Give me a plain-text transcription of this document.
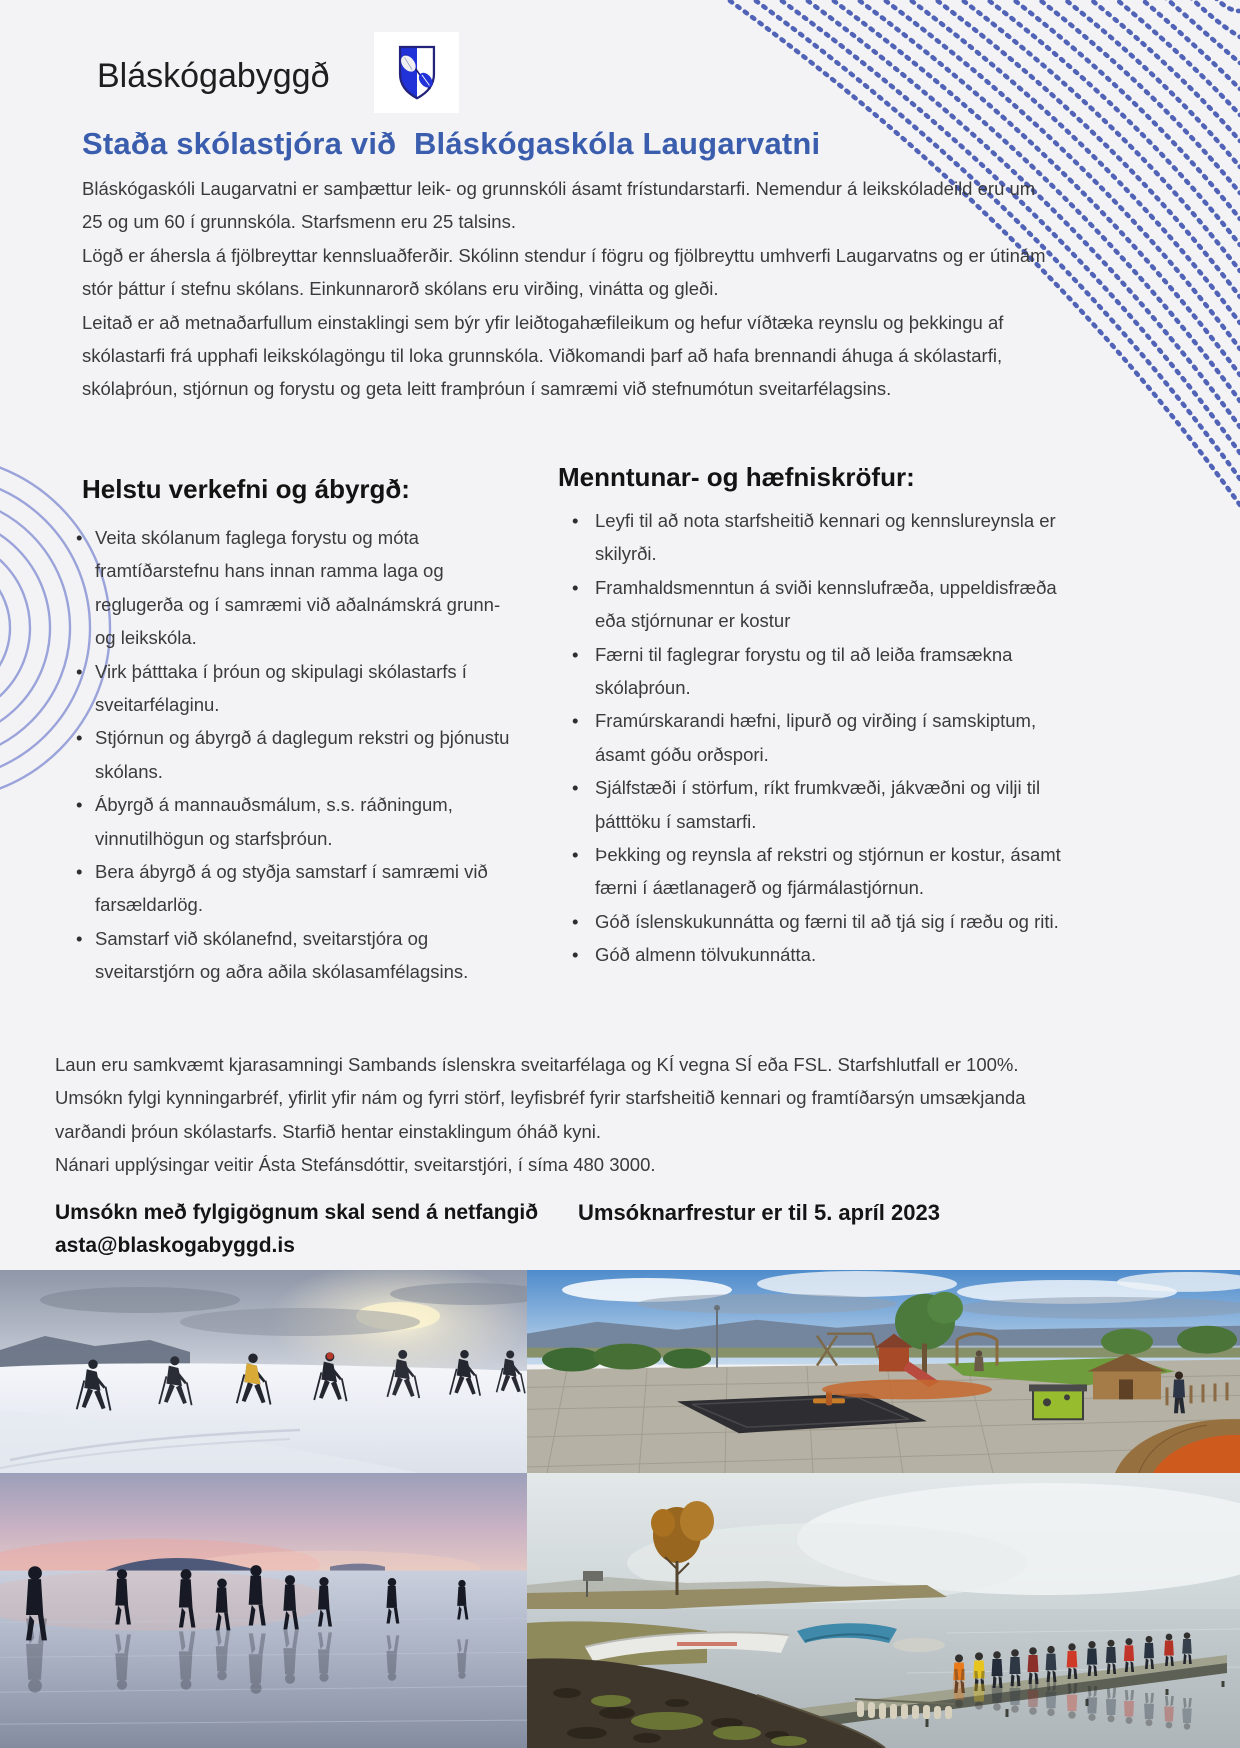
Bláskógabyggð
Staða skólastjóra við  Bláskógaskóla Laugarvatni

Bláskógaskóli Laugarvatni er samþættur leik- og grunnskóli ásamt frístundarstarfi. Nemendur á leikskóladeild eru um 25 og um 60 í grunnskóla. Starfsmenn eru 25 talsins.

Lögð er áhersla á fjölbreyttar kennsluaðferðir. Skólinn stendur í fögru og fjölbreyttu umhverfi Laugarvatns og er útinám stór þáttur í stefnu skólans. Einkunnarorð skólans eru virðing, vinátta og gleði.

Leitað er að metnaðarfullum einstaklingi sem býr yfir leiðtogahæfileikum og hefur víðtæka reynslu og þekkingu af skólastarfi frá upphafi leikskólagöngu til loka grunnskóla. Viðkomandi þarf að hafa brennandi áhuga á skólastarfi, skólaþróun, stjórnun og forystu og geta leitt framþróun í samræmi við stefnumótun sveitarfélagsins.

Helstu verkefni og ábyrgð:
• Veita skólanum faglega forystu og móta framtíðarstefnu hans innan ramma laga og reglugerða og í samræmi við aðalnámskrá grunn- og leikskóla.
• Virk þátttaka í þróun og skipulagi skólastarfs í sveitarfélaginu.
• Stjórnun og ábyrgð á daglegum rekstri og þjónustu skólans.
• Ábyrgð á mannauðsmálum, s.s. ráðningum, vinnutilhögun og starfsþróun.
• Bera ábyrgð á og styðja samstarf í samræmi við farsældarlög.
• Samstarf við skólanefnd, sveitarstjóra og sveitarstjórn og aðra aðila skólasamfélagsins.
Menntunar- og hæfniskröfur:
• Leyfi til að nota starfsheitið kennari og kennslureynsla er skilyrði.
• Framhaldsmenntun á sviði kennslufræða, uppeldisfræða eða stjórnunar er kostur
• Færni til faglegrar forystu og til að leiða framsækna skólaþróun.
• Framúrskarandi hæfni, lipurð og virðing í samskiptum, ásamt góðu orðspori.
• Sjálfstæði í störfum, ríkt frumkvæði, jákvæðni og vilji til þátttöku í samstarfi.
• Þekking og reynsla af rekstri og stjórnun er kostur, ásamt færni í áætlanagerð og fjármálastjórnun.
• Góð íslenskukunnátta og færni til að tjá sig í ræðu og riti.
• Góð almenn tölvukunnátta.

Laun eru samkvæmt kjarasamningi Sambands íslenskra sveitarfélaga og KÍ vegna SÍ eða FSL. Starfshlutfall er 100%. Umsókn fylgi kynningarbréf, yfirlit yfir nám og fyrri störf, leyfisbréf fyrir starfsheitið kennari og framtíðarsýn umsækjanda varðandi þróun skólastarfs. Starfið hentar einstaklingum óháð kyni.

Nánari upplýsingar veitir Ásta Stefánsdóttir, sveitarstjóri, í síma 480 3000.

Umsókn með fylgigögnum skal send á netfangið
asta@blaskogabyggd.is
Umsóknarfrestur er til 5. apríl 2023
